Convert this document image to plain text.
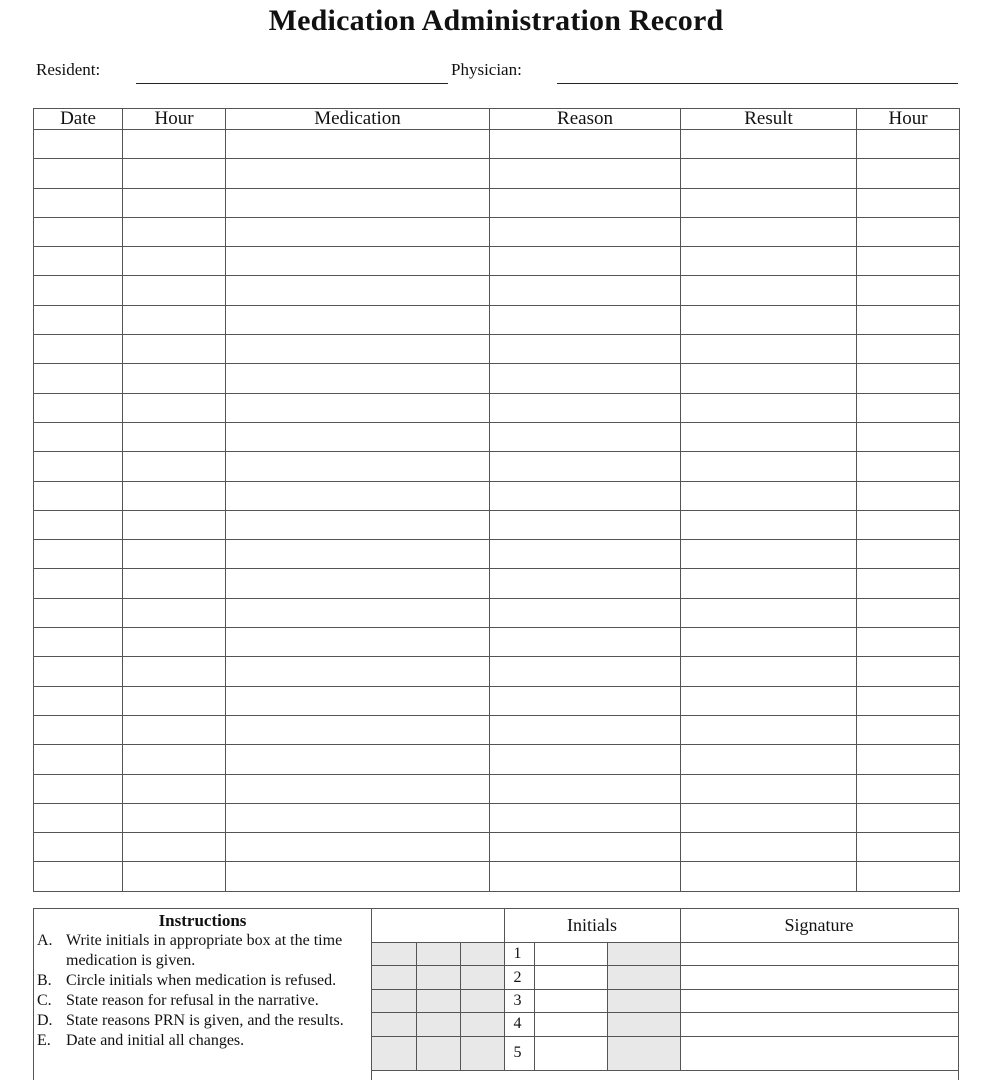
Medication Administration Record
Resident:	Physician:
Date	Hour	Medication	Reason	Result	Hour

Instructions
A. Write initials in appropriate box at the time medication is given.
B. Circle initials when medication is refused.
C. State reason for refusal in the narrative.
D. State reasons PRN is given, and the results.
E. Date and initial all changes.
			Initials			Signature
			1			
			2			
			3			
			4			
			5			
